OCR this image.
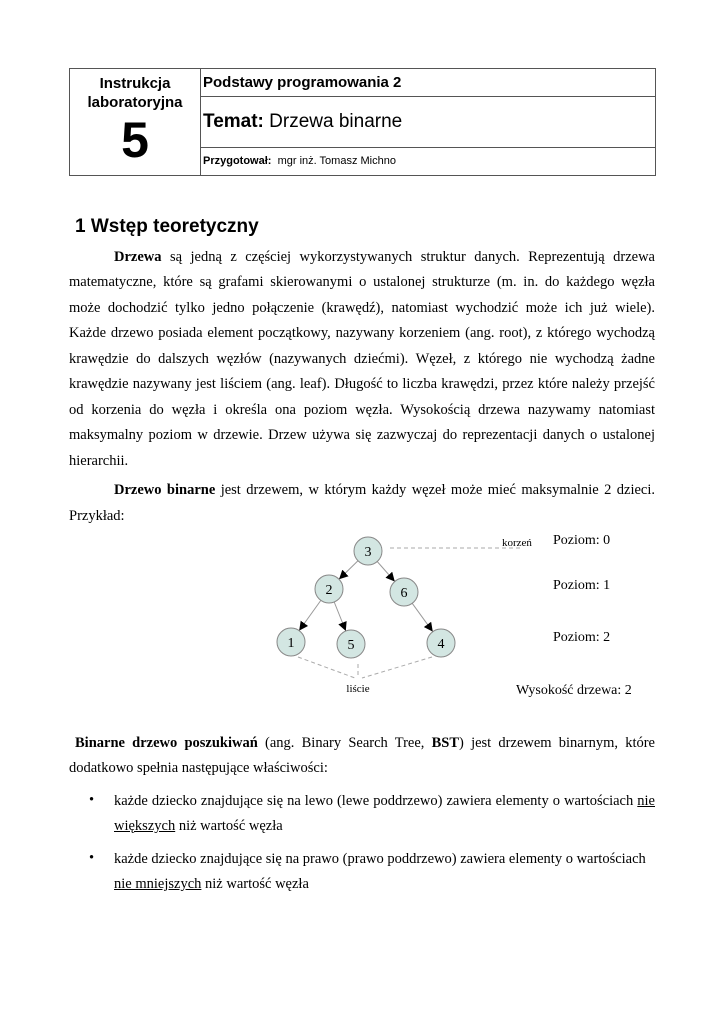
Instrukcja
laboratoryjna
5
Podstawy programowania 2
Temat: Drzewa binarne
Przygotował:  mgr inż. Tomasz Michno
1 Wstęp teoretyczny
Drzewa są jedną z częściej wykorzystywanych struktur danych. Reprezentują drzewa
matematyczne, które są grafami skierowanymi o ustalonej strukturze (m. in. do każdego węzła
może dochodzić tylko jedno połączenie (krawędź), natomiast wychodzić może ich już wiele).
Każde drzewo posiada element początkowy, nazywany korzeniem (ang. root), z którego wychodzą
krawędzie do dalszych węzłów (nazywanych dziećmi). Węzeł, z którego nie wychodzą żadne
krawędzie nazywany jest liściem (ang. leaf). Długość to liczba krawędzi, przez które należy przejść
od korzenia do węzła i określa ona poziom węzła. Wysokością drzewa nazywamy natomiast
maksymalny poziom w drzewie. Drzew używa się zazwyczaj do reprezentacji danych o ustalonej
hierarchii.
Drzewo binarne jest drzewem, w którym każdy węzeł może mieć maksymalnie 2 dzieci.
Przykład:
Binarne drzewo poszukiwań (ang. Binary Search Tree, BST) jest drzewem binarnym, które
dodatkowo spełnia następujące właściwości:
• każde dziecko znajdujące się na lewo (lewe poddrzewo) zawiera elementy o wartościach nie
większych niż wartość węzła
• każde dziecko znajdujące się na prawo (prawo poddrzewo) zawiera elementy o wartościach
nie mniejszych niż wartość węzła
3
2	6
1	5	4
korzeń
liście
Poziom: 0
Poziom: 1
Poziom: 2
Wysokość drzewa: 2
